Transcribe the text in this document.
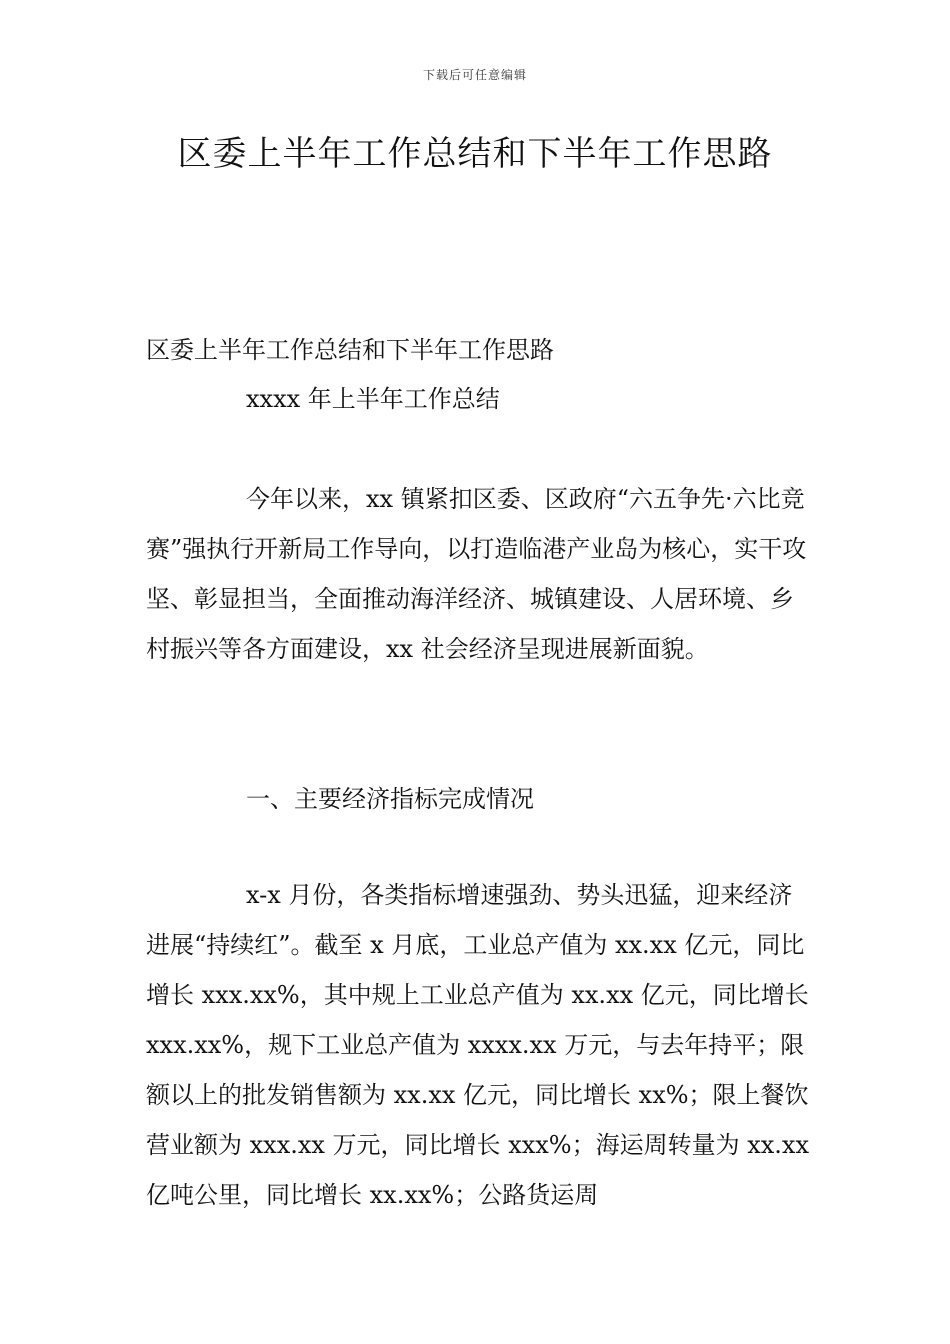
下载后可任意编辑
区委上半年工作总结和下半年工作思路

区委上半年工作总结和下半年工作思路

xxxx 年上半年工作总结

今年以来，xx 镇紧扣区委、区政府“六五争先·六比竞赛”强执行开新局工作导向，以打造临港产业岛为核心，实干攻坚、彰显担当，全面推动海洋经济、城镇建设、人居环境、乡村振兴等各方面建设，xx 社会经济呈现进展新面貌。

一、主要经济指标完成情况

x-x 月份，各类指标增速强劲、势头迅猛，迎来经济进展“持续红”。截至 x 月底，工业总产值为 xx.xx 亿元，同比增长 xxx.xx%，其中规上工业总产值为 xx.xx 亿元，同比增长 xxx.xx%，规下工业总产值为 xxxx.xx 万元，与去年持平；限额以上的批发销售额为 xx.xx 亿元，同比增长 xx%；限上餐饮营业额为 xxx.xx 万元，同比增长 xxx%；海运周转量为 xx.xx 亿吨公里，同比增长 xx.xx%；公路货运周
